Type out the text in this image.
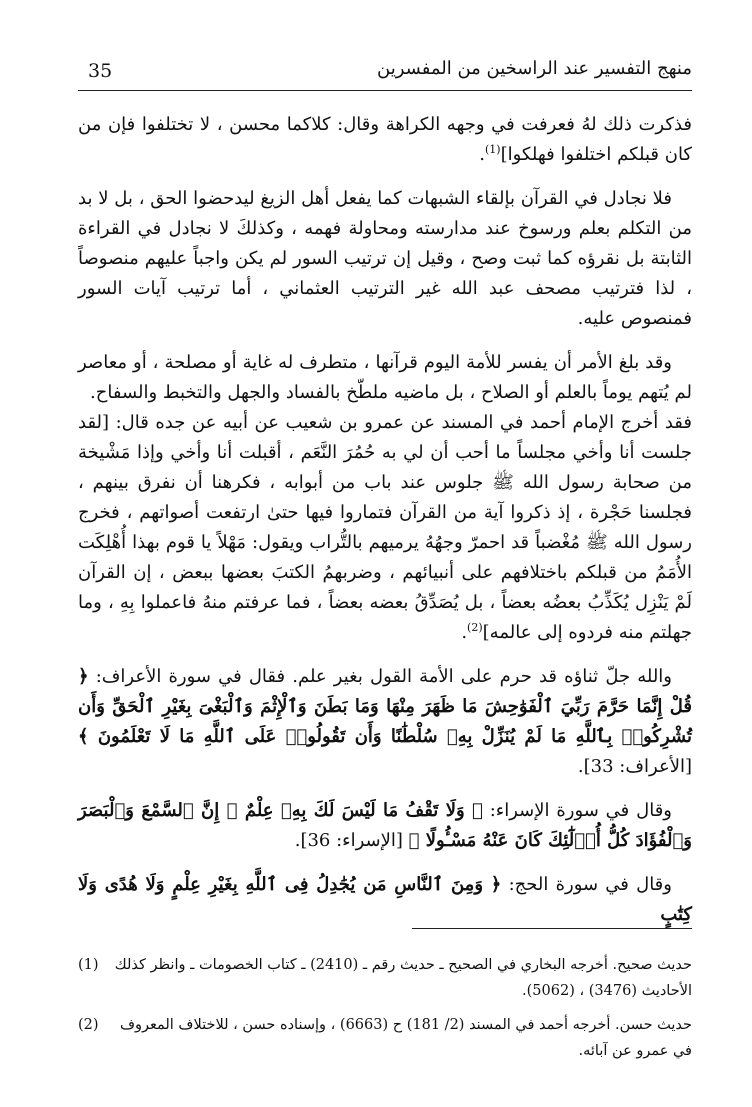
35	منهج التفسير عند الراسخين من المفسرين

فذكرت ذلك لهُ فعرفت في وجهه الكراهة وقال: كلاكما محسن ، لا تختلفوا فإن من كان قبلكم اختلفوا فهلكوا]$^{(1)}$.

فلا نجادل في القرآن بإلقاء الشبهات كما يفعل أهل الزيغ ليدحضوا الحق ، بل لا بد من التكلم بعلم ورسوخ عند مدارسته ومحاولة فهمه ، وكذلكَ لا نجادل في القراءة الثابتة بل نقرؤه كما ثبت وصح ، وقيل إن ترتيب السور لم يكن واجباً عليهم منصوصاً ، لذا فترتيب مصحف عبد الله غير الترتيب العثماني ، أما ترتيب آيات السور فمنصوص عليه.

وقد بلغ الأمر أن يفسر للأمة اليوم قرآنها ، متطرف له غاية أو مصلحة ، أو معاصر لم يُتهم يوماً بالعلم أو الصلاح ، بل ماضيه ملطّخ بالفساد والجهل والتخبط والسفاح.

فقد أخرج الإمام أحمد في المسند عن عمرو بن شعيب عن أبيه عن جده قال: [لقد جلست أنا وأخي مجلساً ما أحب أن لي به حُمُرَ النَّعَم ، أقبلت أنا وأخي وإذا مَشْيخة من صحابة رسول الله ﷺ جلوس عند باب من أبوابه ، فكرهنا أن نفرق بينهم ، فجلسنا حَجْرة ، إذ ذكروا آية من القرآن فتماروا فيها حتىٰ ارتفعت أصواتهم ، فخرج رسول الله ﷺ مُغْضباً قد احمرّ وجهُهُ يرميهم بالتُّراب ويقول: مَهْلاً يا قوم بهذا أُهْلِكَت الأُمَمُ من قبلكم باختلافهم على أنبيائهم ، وضربهمُ الكتبَ بعضها ببعض ، إن القرآن لَمْ يَنْزِل يُكَذِّبُ بعضُه بعضاً ، بل يُصَدِّقُ بعضه بعضاً ، فما عرفتم منهُ فاعملوا بِهِ ، وما جهلتم منه فردوه إلى عالمه]$^{(2)}$.

والله جلّ ثناؤه قد حرم على الأمة القول بغير علم. فقال في سورة الأعراف: ﴿ قُلْ إِنَّمَا حَرَّمَ رَبِّيَ ٱلْفَوَٰحِشَ مَا ظَهَرَ مِنْهَا وَمَا بَطَنَ وَٱلْإِثْمَ وَٱلْبَغْىَ بِغَيْرِ ٱلْحَقِّ وَأَن تُشْرِكُوا۟ بِٱللَّهِ مَا لَمْ يُنَزِّلْ بِهِۦ سُلْطَٰنًا وَأَن تَقُولُوا۟ عَلَى ٱللَّهِ مَا لَا تَعْلَمُونَ ﴾ [الأعراف: 33].

وقال في سورة الإسراء: ﴿ وَلَا تَقْفُ مَا لَيْسَ لَكَ بِهِۦ عِلْمٌ ۚ إِنَّ ٱلسَّمْعَ وَٱلْبَصَرَ وَٱلْفُؤَادَ كُلُّ أُو۟لَٰٓئِكَ كَانَ عَنْهُ مَسْـُٔولًا ﴾ [الإسراء: 36].

وقال في سورة الحج: ﴿ وَمِنَ ٱلنَّاسِ مَن يُجَٰدِلُ فِى ٱللَّهِ بِغَيْرِ عِلْمٍ وَلَا هُدًى وَلَا كِتَٰبٍ

(1)	حديث صحيح. أخرجه البخاري في الصحيح ـ حديث رقم ـ (2410) ـ كتاب الخصومات ـ وانظر كذلك الأحاديث (3476) ، (5062).
(2)	حديث حسن. أخرجه أحمد في المسند (2/ 181) ح (6663) ، وإسناده حسن ، للاختلاف المعروف في عمرو عن آبائه.
